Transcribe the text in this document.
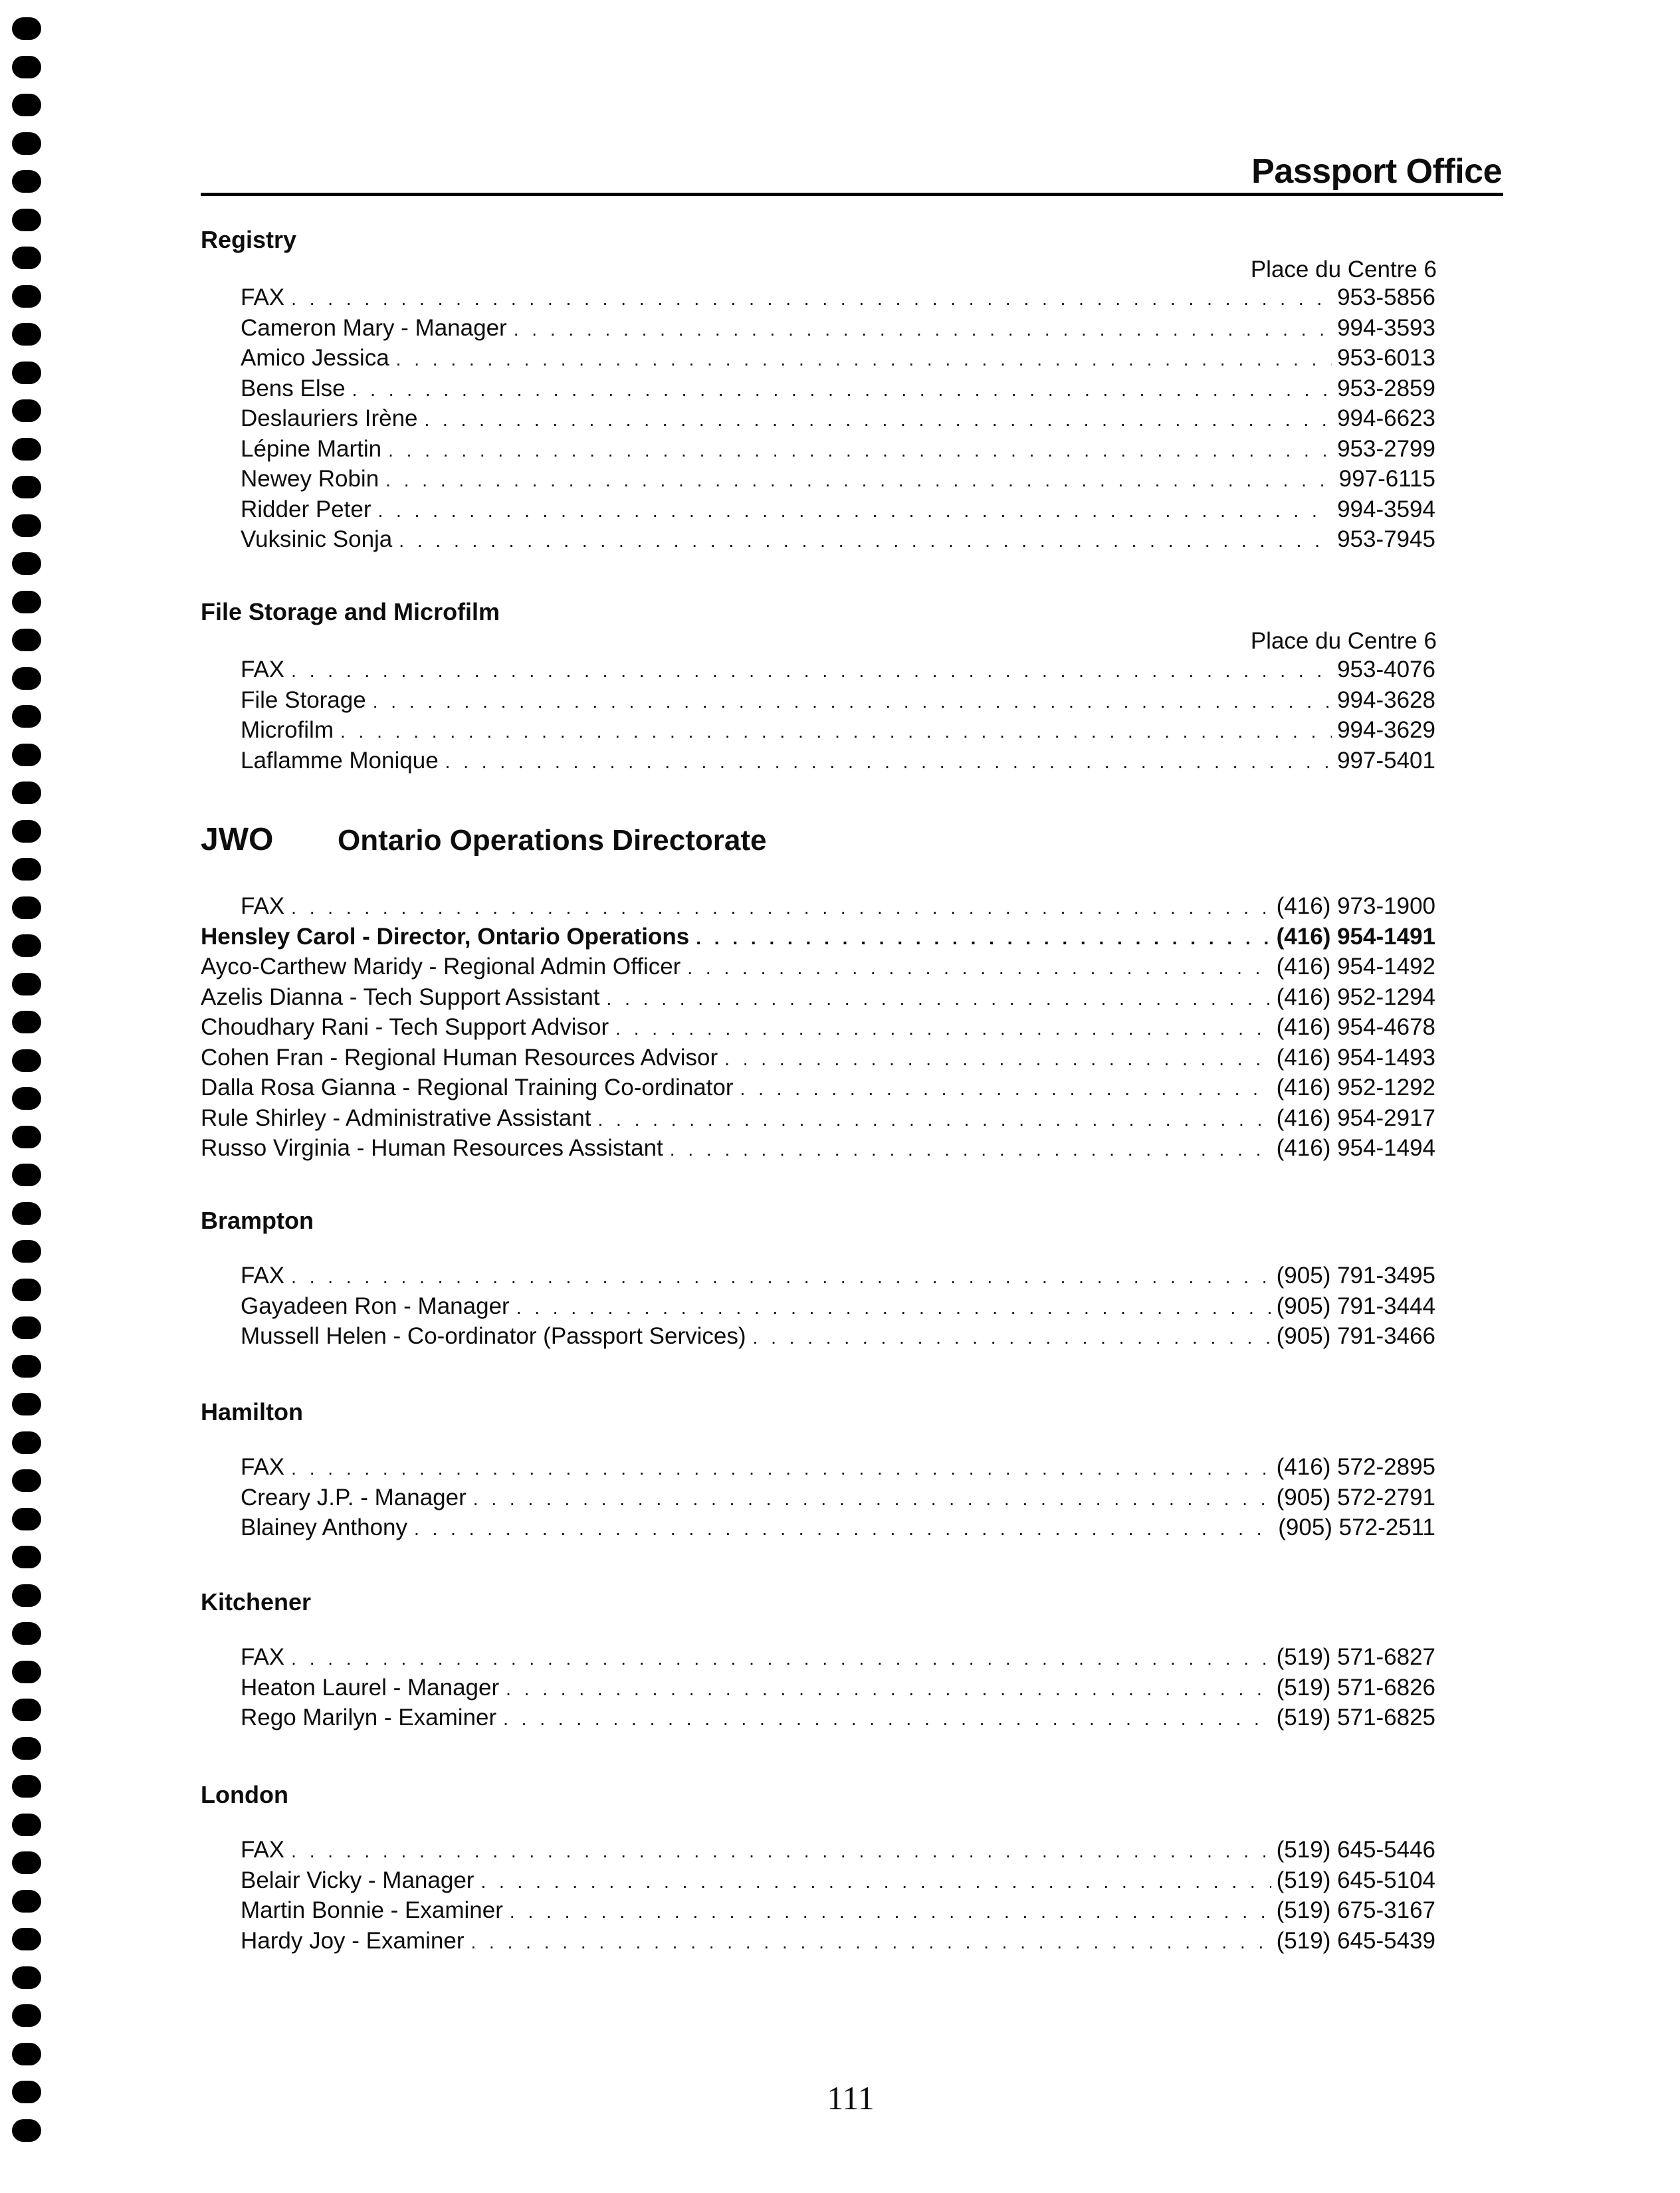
Passport Office
Registry
Place du Centre 6
FAX . . .	953-5856
Cameron Mary - Manager . . .	994-3593
Amico Jessica . . .	953-6013
Bens Else . . .	953-2859
Deslauriers Irène . . .	994-6623
Lépine Martin . . .	953-2799
Newey Robin . . .	997-6115
Ridder Peter . . .	994-3594
Vuksinic Sonja . . .	953-7945
File Storage and Microfilm
Place du Centre 6
FAX . . .	953-4076
File Storage . . .	994-3628
Microfilm . . .	994-3629
Laflamme Monique . . .	997-5401
JWO Ontario Operations Directorate
FAX . . .	(416) 973-1900
Hensley Carol - Director, Ontario Operations . . .	(416) 954-1491
Ayco-Carthew Maridy - Regional Admin Officer . . .	(416) 954-1492
Azelis Dianna - Tech Support Assistant . . .	(416) 952-1294
Choudhary Rani - Tech Support Advisor . . .	(416) 954-4678
Cohen Fran - Regional Human Resources Advisor . . .	(416) 954-1493
Dalla Rosa Gianna - Regional Training Co-ordinator . . .	(416) 952-1292
Rule Shirley - Administrative Assistant . . .	(416) 954-2917
Russo Virginia - Human Resources Assistant . . .	(416) 954-1494
Brampton
FAX . . .	(905) 791-3495
Gayadeen Ron - Manager . . .	(905) 791-3444
Mussell Helen - Co-ordinator (Passport Services) . . .	(905) 791-3466
Hamilton
FAX . . .	(416) 572-2895
Creary J.P. - Manager . . .	(905) 572-2791
Blainey Anthony . . .	(905) 572-2511
Kitchener
FAX . . .	(519) 571-6827
Heaton Laurel - Manager . . .	(519) 571-6826
Rego Marilyn - Examiner . . .	(519) 571-6825
London
FAX . . .	(519) 645-5446
Belair Vicky - Manager . . .	(519) 645-5104
Martin Bonnie - Examiner . . .	(519) 675-3167
Hardy Joy - Examiner . . .	(519) 645-5439
111
